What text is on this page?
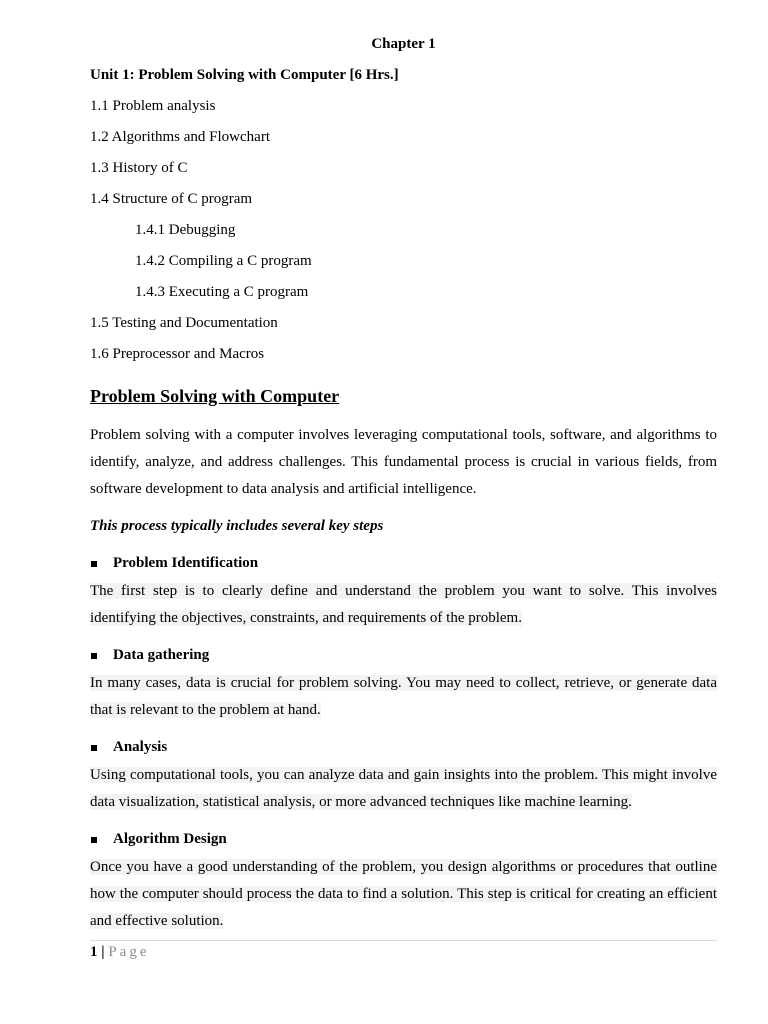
Chapter 1
Unit 1: Problem Solving with Computer [6 Hrs.]
1.1 Problem analysis
1.2 Algorithms and Flowchart
1.3 History of C
1.4 Structure of C program
1.4.1 Debugging
1.4.2 Compiling a C program
1.4.3 Executing a C program
1.5 Testing and Documentation
1.6 Preprocessor and Macros
Problem Solving with Computer
Problem solving with a computer involves leveraging computational tools, software, and algorithms to identify, analyze, and address challenges. This fundamental process is crucial in various fields, from software development to data analysis and artificial intelligence.
This process typically includes several key steps
Problem Identification
The first step is to clearly define and understand the problem you want to solve. This involves identifying the objectives, constraints, and requirements of the problem.
Data gathering
In many cases, data is crucial for problem solving. You may need to collect, retrieve, or generate data that is relevant to the problem at hand.
Analysis
Using computational tools, you can analyze data and gain insights into the problem. This might involve data visualization, statistical analysis, or more advanced techniques like machine learning.
Algorithm Design
Once you have a good understanding of the problem, you design algorithms or procedures that outline how the computer should process the data to find a solution. This step is critical for creating an efficient and effective solution.
1 | Page
